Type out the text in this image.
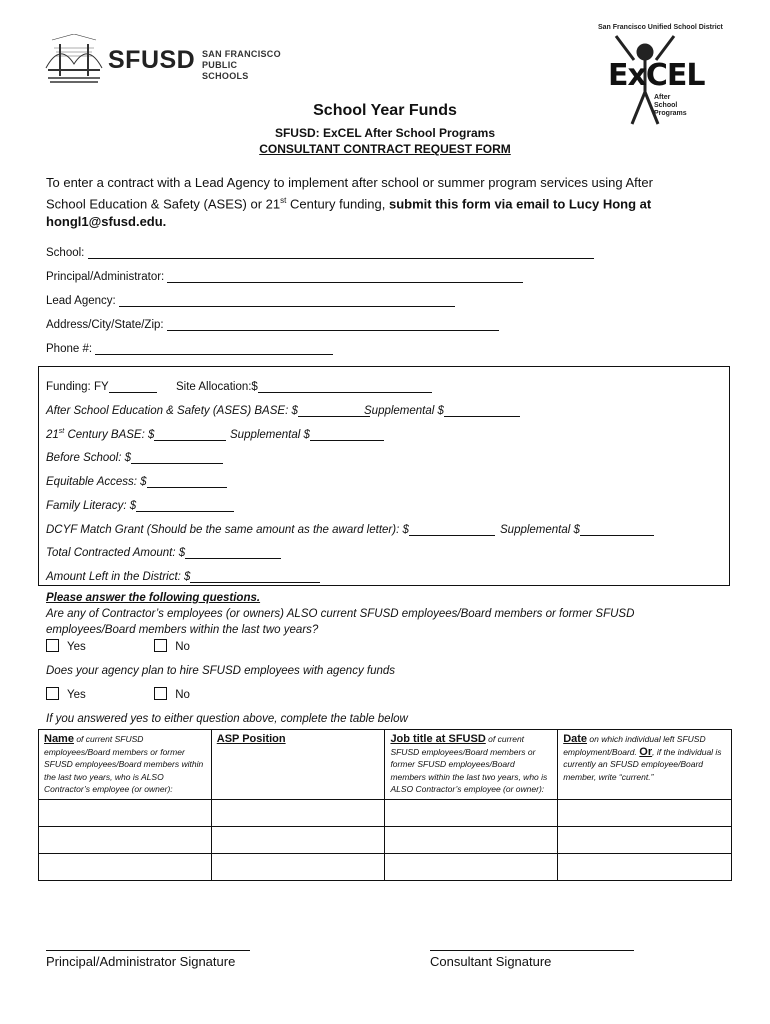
SFUSD SAN FRANCISCO
PUBLIC SCHOOLS
San Francisco Unified School District
ExCEL
After School Programs
School Year Funds
SFUSD: ExCEL After School Programs
CONSULTANT CONTRACT REQUEST FORM
To enter a contract with a Lead Agency to implement after school or summer program services using After School Education & Safety (ASES) or 21st Century funding, submit this form via email to Lucy Hong at hongl1@sfusd.edu.
School:
Principal/Administrator:
Lead Agency:
Address/City/State/Zip:
Phone #:
Funding: FY	Site Allocation:$
After School Education & Safety (ASES) BASE: $	Supplemental $
21st Century BASE: $	Supplemental $
Before School: $
Equitable Access: $
Family Literacy: $
DCYF Match Grant (Should be the same amount as the award letter): $	Supplemental $
Total Contracted Amount: $
Amount Left in the District: $
Please answer the following questions.
Are any of Contractor’s employees (or owners) ALSO current SFUSD employees/Board members or former SFUSD employees/Board members within the last two years?
Yes	No
Does your agency plan to hire SFUSD employees with agency funds
Yes	No
If you answered yes to either question above, complete the table below
Name of current SFUSD employees/Board members or former SFUSD employees/Board members within the last two years, who is ALSO Contractor’s employee (or owner):	ASP Position	Job title at SFUSD of current SFUSD employees/Board members or former SFUSD employees/Board members within the last two years, who is ALSO Contractor’s employee (or owner):	Date on which individual left SFUSD employment/Board. Or, if the individual is currently an SFUSD employee/Board member, write “current.”

Principal/Administrator Signature	Consultant Signature
